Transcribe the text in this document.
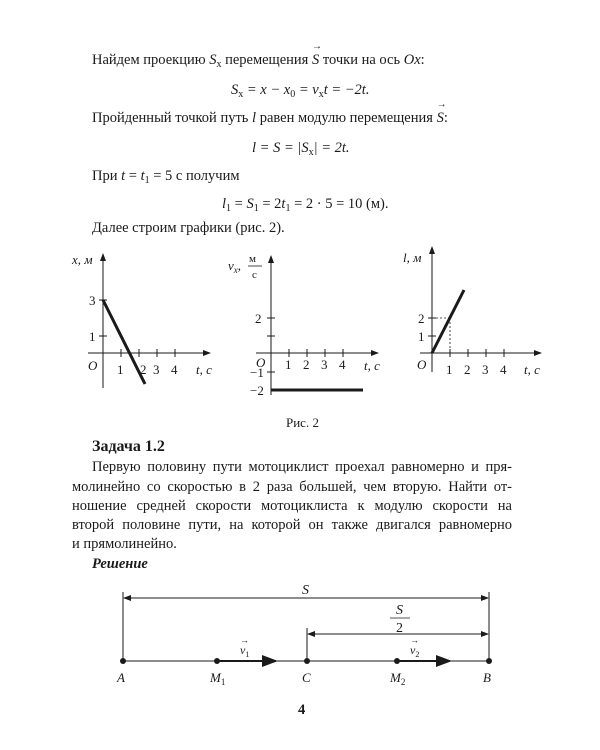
Найдем проекцию $S_x$ перемещения → S точки на ось Ox:
$S_x = x - x_0 = v_xt = -2t$.
Пройденный точкой путь l равен модулю перемещения → S:
$l = S = |S_x| = 2t$.
При $t = t_1 = 5$ с получим
$l_1 = S_1 = 2t_1 = 2 \cdot 5 = 10$ (м).
Далее строим графики (рис. 2).
x, м
t, с
O
1
3
1 2 3 4
$v_x$, м
с
t, с
O
2
−1
−2
1 2 3 4
l, м
t, с
O
1
2
1 2 3 4
Рис. 2
Задача 1.2
Первую половину пути мотоциклист проехал равномерно и пря-
молинейно со скоростью в 2 раза большей, чем вторую. Найти от-
ношение средней скорости мотоциклиста к модулю скорости на
второй половине пути, на которой он также двигался равномерно
и прямолинейно.
Решение
S
S
2
$v_1$
→
$v_2$
→
A	$M_1$	C	$M_2$	B
4
